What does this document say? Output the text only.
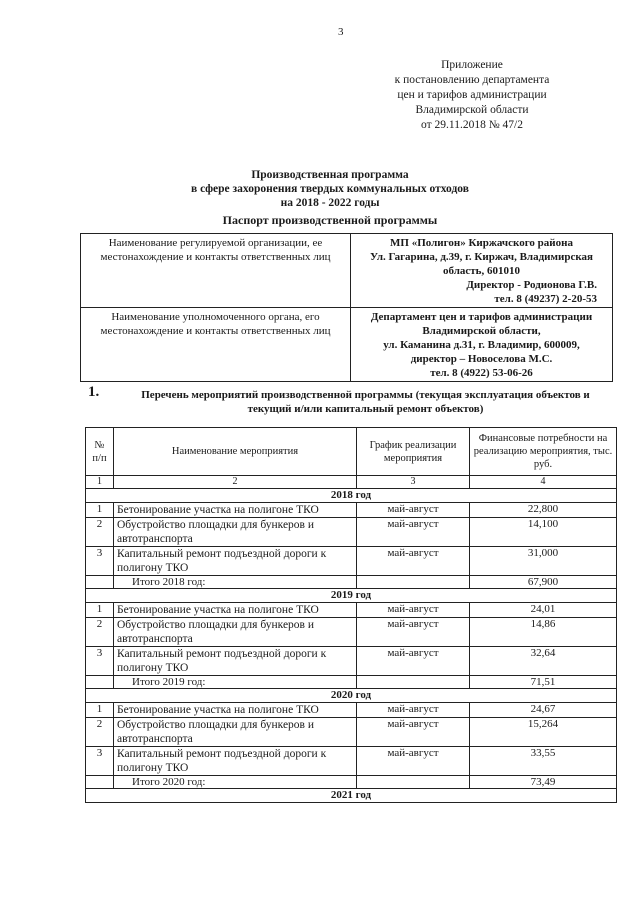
3
Приложение
к постановлению департамента
цен и тарифов администрации
Владимирской области
от 29.11.2018 № 47/2
Производственная программа
в сфере захоронения твердых коммунальных отходов
на 2018 - 2022 годы
Паспорт производственной программы
Наименование регулируемой организации, ее местонахождение и контакты ответственных лиц	МП «Полигон» Киржачского района
Ул. Гагарина, д.39, г. Киржач, Владимирская
область, 601010
Директор - Родионова Г.В.
тел. 8 (49237) 2-20-53

Наименование уполномоченного органа, его местонахождение и контакты ответственных лиц	Департамент цен и тарифов администрации
Владимирской области,
ул. Каманина д.31, г. Владимир, 600009,
директор – Новоселова М.С.
тел. 8 (4922) 53-06-26
1.	Перечень мероприятий производственной программы (текущая эксплуатация объектов и текущий и/или капитальный ремонт объектов)
№ п/п	Наименование мероприятия	График реализации мероприятия	Финансовые потребности на реализацию мероприятия, тыс. руб.
1	2	3	4
2018 год			
1	Бетонирование участка на полигоне ТКО	май-август	22,800
2	Обустройство площадки для бункеров и автотранспорта	май-август	14,100
3	Капитальный ремонт подъездной дороги к полигону ТКО	май-август	31,000
	Итого 2018 год:		67,900
2019 год			
1	Бетонирование участка на полигоне ТКО	май-август	24,01
2	Обустройство площадки для бункеров и автотранспорта	май-август	14,86
3	Капитальный ремонт подъездной дороги к полигону ТКО	май-август	32,64
	Итого 2019 год:		71,51
2020 год			
1	Бетонирование участка на полигоне ТКО	май-август	24,67
2	Обустройство площадки для бункеров и автотранспорта	май-август	15,264
3	Капитальный ремонт подъездной дороги к полигону ТКО	май-август	33,55
	Итого 2020 год:		73,49
2021 год			
